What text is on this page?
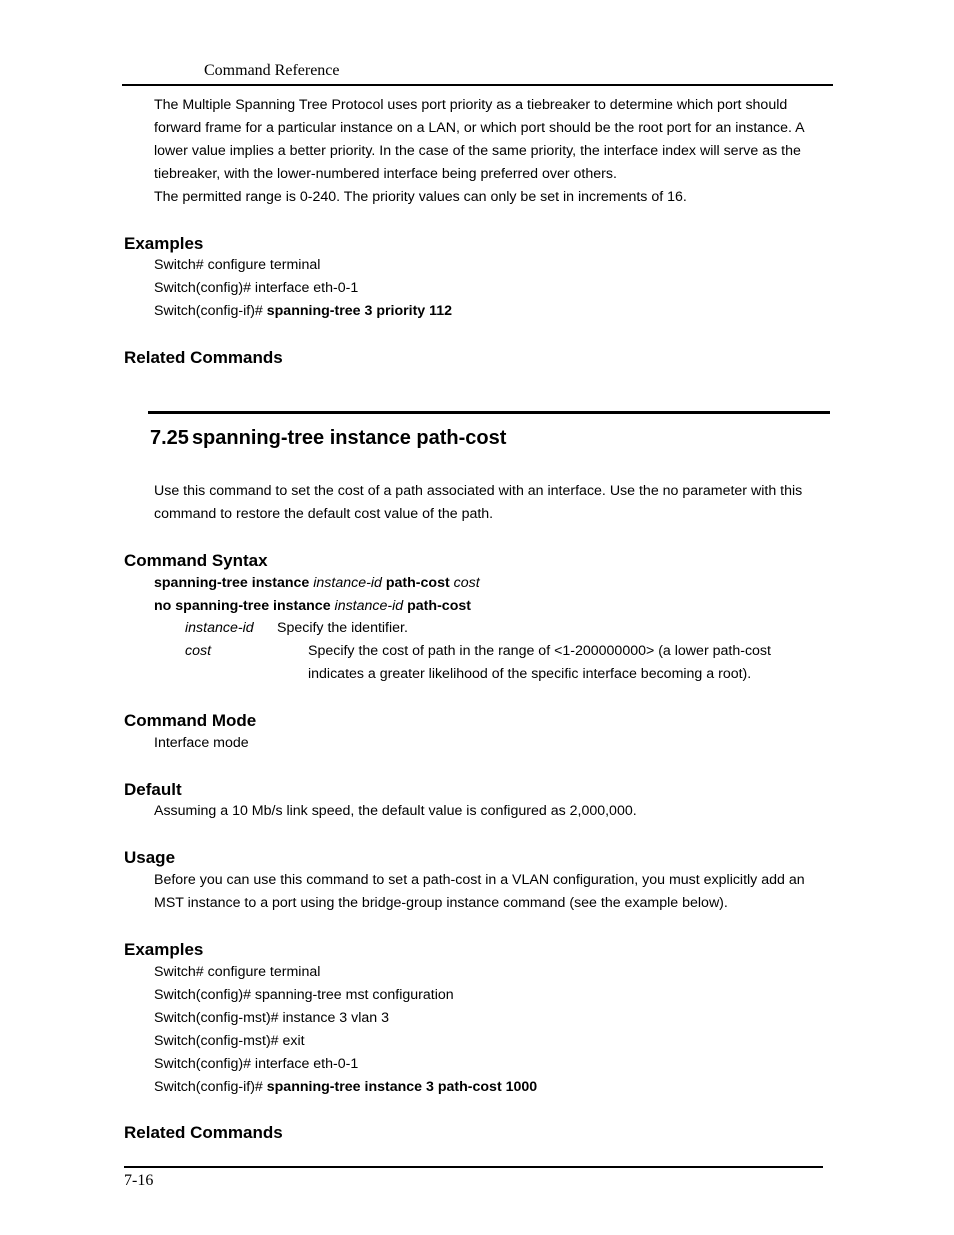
Command Reference
The Multiple Spanning Tree Protocol uses port priority as a tiebreaker to determine which port should
forward frame for a particular instance on a LAN, or which port should be the root port for an instance. A
lower value implies a better priority. In the case of the same priority, the interface index will serve as the
tiebreaker, with the lower-numbered interface being preferred over others.
The permitted range is 0-240. The priority values can only be set in increments of 16.
Examples
Switch# configure terminal
Switch(config)# interface eth-0-1
Switch(config-if)# spanning-tree 3 priority 112
Related Commands
7.25 spanning-tree instance path-cost
Use this command to set the cost of a path associated with an interface. Use the no parameter with this
command to restore the default cost value of the path.
Command Syntax
spanning-tree instance instance-id path-cost cost
no spanning-tree instance instance-id path-cost
instance-id Specify the identifier.
cost	Specify the cost of path in the range of <1-200000000> (a lower path-cost
indicates a greater likelihood of the specific interface becoming a root).
Command Mode
Interface mode
Default
Assuming a 10 Mb/s link speed, the default value is configured as 2,000,000.
Usage
Before you can use this command to set a path-cost in a VLAN configuration, you must explicitly add an
MST instance to a port using the bridge-group instance command (see the example below).
Examples
Switch# configure terminal
Switch(config)# spanning-tree mst configuration
Switch(config-mst)# instance 3 vlan 3
Switch(config-mst)# exit
Switch(config)# interface eth-0-1
Switch(config-if)# spanning-tree instance 3 path-cost 1000
Related Commands
7-16
